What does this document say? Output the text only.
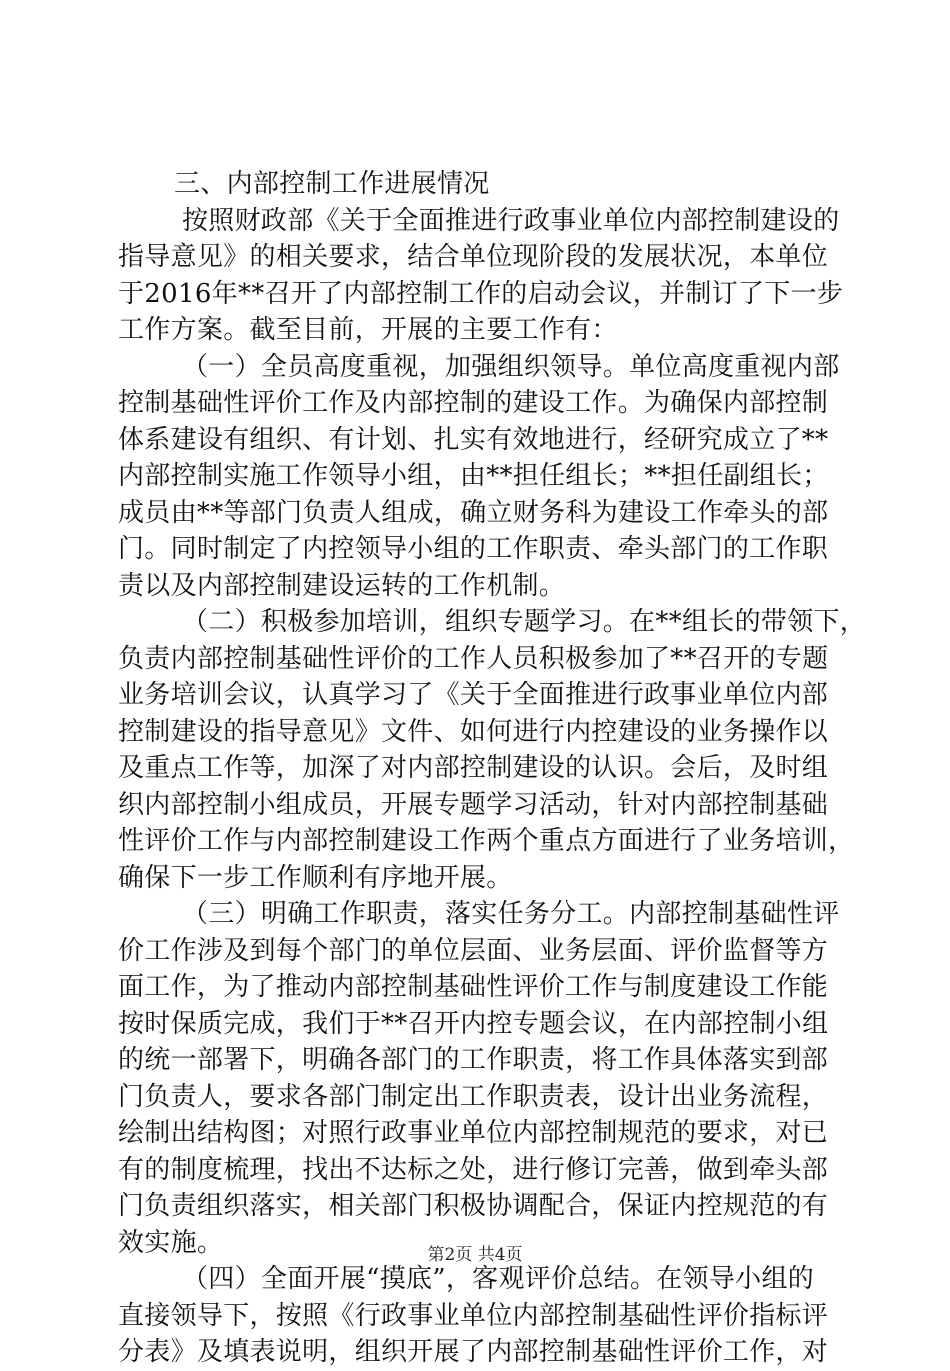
三、内部控制工作进展情况
按照财政部《关于全面推进行政事业单位内部控制建设的
指导意见》的相关要求，结合单位现阶段的发展状况，本单位
于2016年**召开了内部控制工作的启动会议，并制订了下一步
工作方案。截至目前，开展的主要工作有：
（一）全员高度重视，加强组织领导。单位高度重视内部
控制基础性评价工作及内部控制的建设工作。为确保内部控制
体系建设有组织、有计划、扎实有效地进行，经研究成立了**
内部控制实施工作领导小组，由**担任组长；**担任副组长；
成员由**等部门负责人组成，确立财务科为建设工作牵头的部
门。同时制定了内控领导小组的工作职责、牵头部门的工作职
责以及内部控制建设运转的工作机制。
（二）积极参加培训，组织专题学习。在**组长的带领下，
负责内部控制基础性评价的工作人员积极参加了**召开的专题
业务培训会议，认真学习了《关于全面推进行政事业单位内部
控制建设的指导意见》文件、如何进行内控建设的业务操作以
及重点工作等，加深了对内部控制建设的认识。会后，及时组
织内部控制小组成员，开展专题学习活动，针对内部控制基础
性评价工作与内部控制建设工作两个重点方面进行了业务培训，
确保下一步工作顺利有序地开展。
（三）明确工作职责，落实任务分工。内部控制基础性评
价工作涉及到每个部门的单位层面、业务层面、评价监督等方
面工作，为了推动内部控制基础性评价工作与制度建设工作能
按时保质完成，我们于**召开内控专题会议，在内部控制小组
的统一部署下，明确各部门的工作职责，将工作具体落实到部
门负责人，要求各部门制定出工作职责表，设计出业务流程，
绘制出结构图；对照行政事业单位内部控制规范的要求，对已
有的制度梳理，找出不达标之处，进行修订完善，做到牵头部
门负责组织落实，相关部门积极协调配合，保证内控规范的有
效实施。
（四）全面开展“摸底”，客观评价总结。在领导小组的
直接领导下，按照《行政事业单位内部控制基础性评价指标评
分表》及填表说明，组织开展了内部控制基础性评价工作，对
第2页 共4页
